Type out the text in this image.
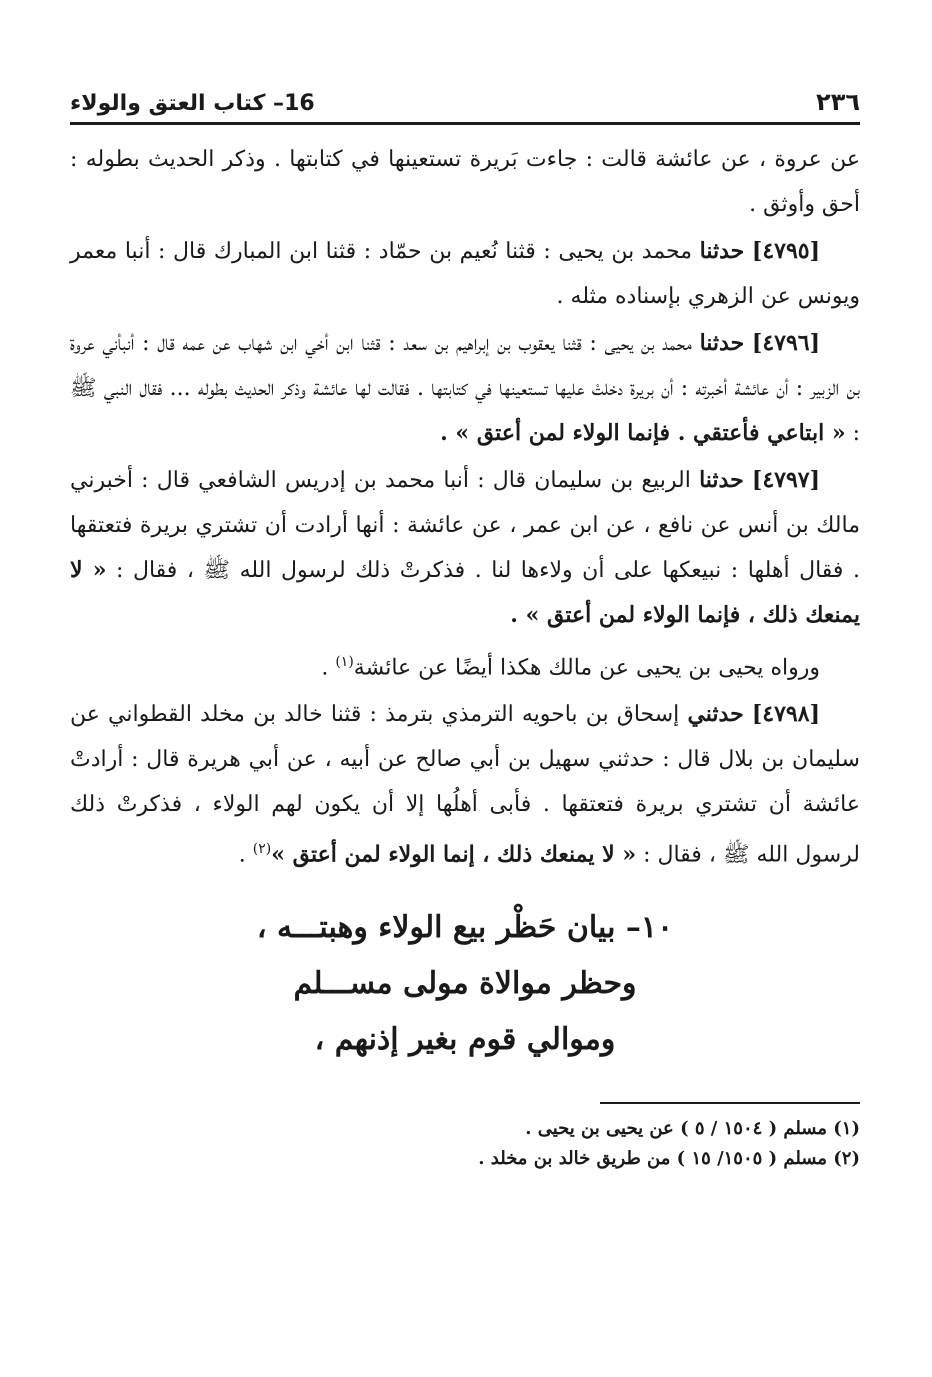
٢٣٦
16– كتاب العتق والولاء

عن عروة ، عن عائشة قالت : جاءت بَريرة تستعينها في كتابتها . وذكر الحديث بطوله : أحق وأوثق .

[٤٧٩٥] حدثنا محمد بن يحيى : قثنا نُعيم بن حمّاد : قثنا ابن المبارك قال : أنبا معمر ويونس عن الزهري بإسناده مثله .

[٤٧٩٦] حدثنا محمد بن يحيى : قثنا يعقوب بن إبراهيم بن سعد : قثنا ابن أخي ابن شهاب عن عمه قال : أنبأني عروة بن الزبير : أن عائشة أخبرته : أن بريرة دخلتْ عليها تستعينها في كتابتها . فقالت لها عائشة وذكر الحديث بطوله ... فقال النبي ﷺ : « ابتاعي فأعتقي . فإنما الولاء لمن أعتق » .

[٤٧٩٧] حدثنا الربيع بن سليمان قال : أنبا محمد بن إدريس الشافعي قال : أخبرني مالك بن أنس عن نافع ، عن ابن عمر ، عن عائشة : أنها أرادت أن تشتري بريرة فتعتقها . فقال أهلها : نبيعكها على أن ولاءها لنا . فذكرتْ ذلك لرسول الله ﷺ ، فقال : « لا يمنعك ذلك ، فإنما الولاء لمن أعتق » .

ورواه يحيى بن يحيى عن مالك هكذا أيضًا عن عائشة$^{(١)}$ .

[٤٧٩٨] حدثني إسحاق بن باحويه الترمذي بترمذ : قثنا خالد بن مخلد القطواني عن سليمان بن بلال قال : حدثني سهيل بن أبي صالح عن أبيه ، عن أبي هريرة قال : أرادتْ عائشة أن تشتري بريرة فتعتقها . فأبى أهلُها إلا أن يكون لهم الولاء ، فذكرتْ ذلك لرسول الله ﷺ ، فقال : « لا يمنعك ذلك ، إنما الولاء لمن أعتق »$^{(٢)}$ .

١٠– بيان حَظْر بيع الولاء وهبتـــه ،
وحظر موالاة مولى مســـلم
وموالي قوم بغير إذنهم ،
(١) مسلم ( ١٥٠٤ / ٥ ) عن يحيى بن يحيى .
(٢) مسلم ( ١٥٠٥/ ١٥ ) من طريق خالد بن مخلد .
